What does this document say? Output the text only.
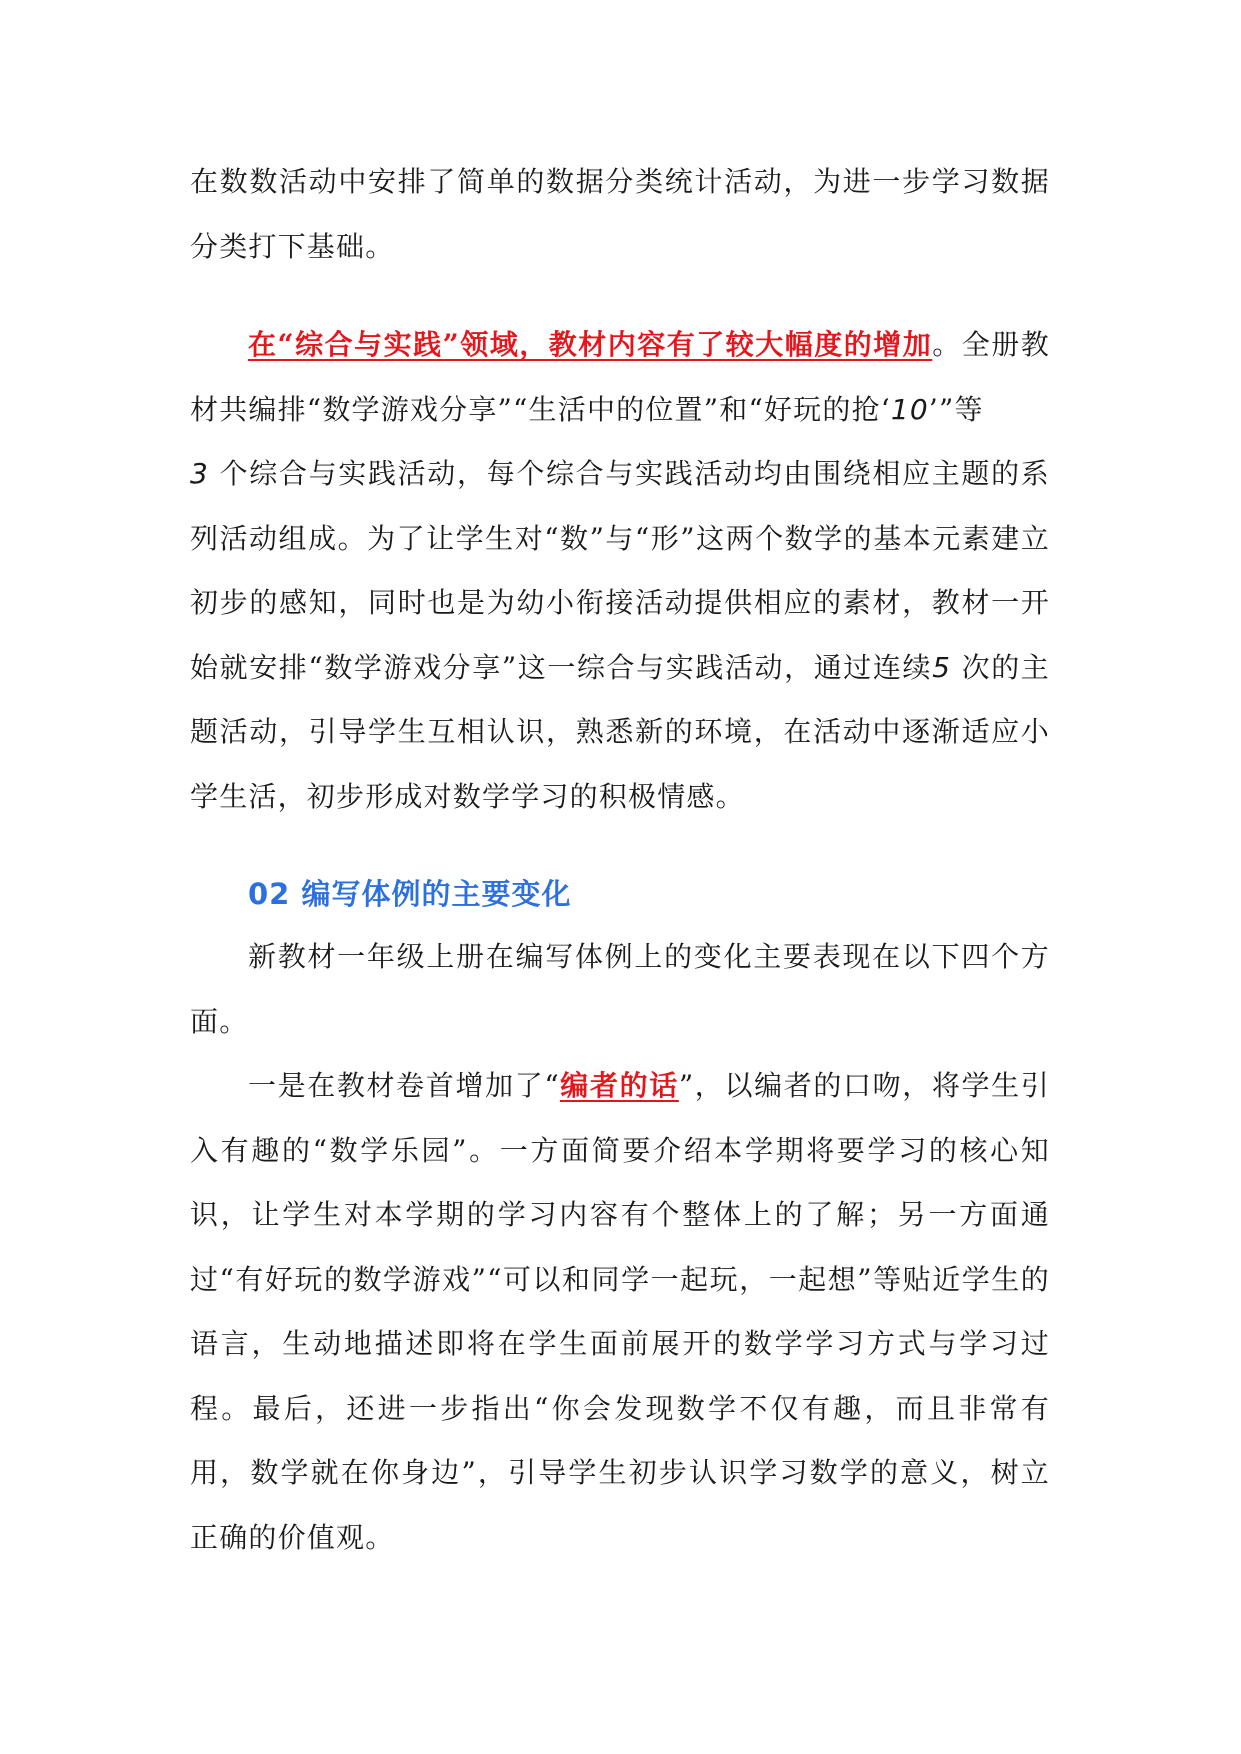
在数数活动中安排了简单的数据分类统计活动，为进一步学习数据分类打下基础。

在“综合与实践”领域，教材内容有了较大幅度的增加。全册教材共编排“数学游戏分享”“生活中的位置”和“好玩的抢‘10’”等
3 个综合与实践活动，每个综合与实践活动均由围绕相应主题的系列活动组成。为了让学生对“数”与“形”这两个数学的基本元素建立初步的感知，同时也是为幼小衔接活动提供相应的素材，教材一开始就安排“数学游戏分享”这一综合与实践活动，通过连续5 次的主题活动，引导学生互相认识，熟悉新的环境，在活动中逐渐适应小学生活，初步形成对数学学习的积极情感。

02 编写体例的主要变化

新教材一年级上册在编写体例上的变化主要表现在以下四个方面。

一是在教材卷首增加了“编者的话”，以编者的口吻，将学生引入有趣的“数学乐园”。一方面简要介绍本学期将要学习的核心知识，让学生对本学期的学习内容有个整体上的了解；另一方面通过“有好玩的数学游戏”“可以和同学一起玩，一起想”等贴近学生的语言，生动地描述即将在学生面前展开的数学学习方式与学习过程。最后，还进一步指出“你会发现数学不仅有趣，而且非常有用，数学就在你身边”，引导学生初步认识学习数学的意义，树立正确的价值观。
